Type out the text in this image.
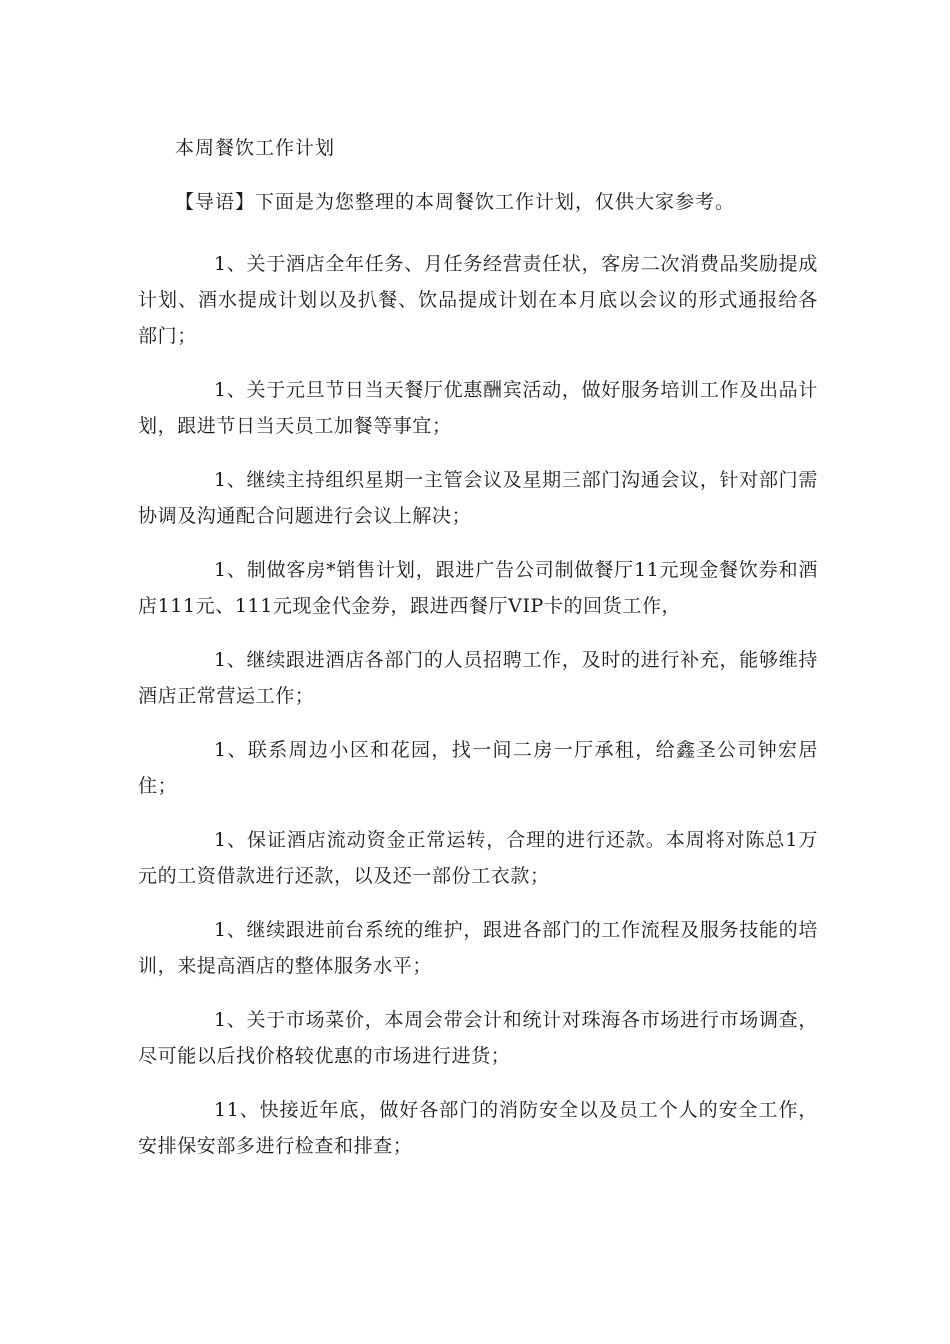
本周餐饮工作计划

【导语】下面是为您整理的本周餐饮工作计划，仅供大家参考。

1、关于酒店全年任务、月任务经营责任状，客房二次消费品奖励提成计划、酒水提成计划以及扒餐、饮品提成计划在本月底以会议的形式通报给各部门；
1、关于元旦节日当天餐厅优惠酬宾活动，做好服务培训工作及出品计划，跟进节日当天员工加餐等事宜；
1、继续主持组织星期一主管会议及星期三部门沟通会议，针对部门需协调及沟通配合问题进行会议上解决；
1、制做客房*销售计划，跟进广告公司制做餐厅11元现金餐饮券和酒店111元、111元现金代金券，跟进西餐厅VIP卡的回货工作，
1、继续跟进酒店各部门的人员招聘工作，及时的进行补充，能够维持酒店正常营运工作；
1、联系周边小区和花园，找一间二房一厅承租，给鑫圣公司钟宏居住；
1、保证酒店流动资金正常运转，合理的进行还款。本周将对陈总1万元的工资借款进行还款，以及还一部份工衣款；
1、继续跟进前台系统的维护，跟进各部门的工作流程及服务技能的培训，来提高酒店的整体服务水平；
1、关于市场菜价，本周会带会计和统计对珠海各市场进行市场调查，尽可能以后找价格较优惠的市场进行进货；
11、快接近年底，做好各部门的消防安全以及员工个人的安全工作，安排保安部多进行检查和排查；
